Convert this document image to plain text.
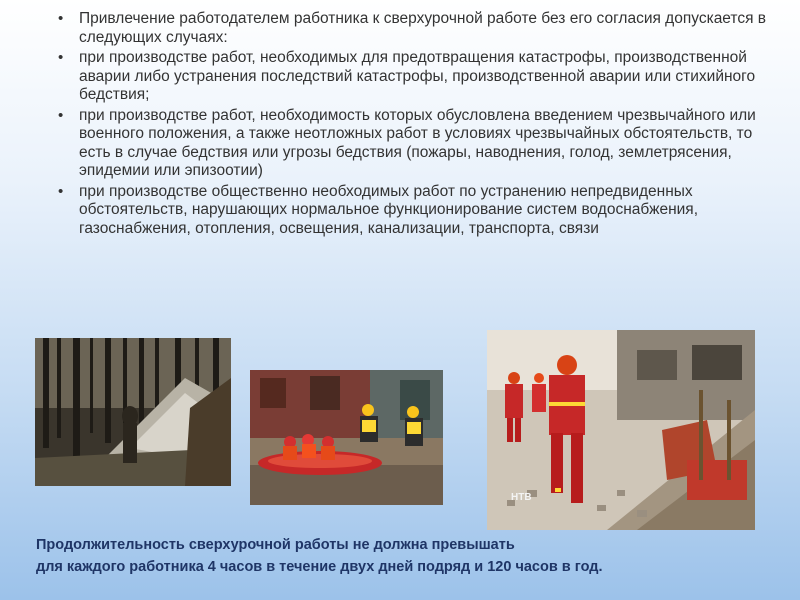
• Привлечение работодателем работника к сверхурочной работе без его согласия допускается в следующих случаях:
• при производстве работ, необходимых для предотвращения катастрофы, производственной аварии либо устранения последствий катастрофы, производственной аварии или стихийного бедствия;
• при производстве работ, необходимость которых обусловлена введением чрезвычайного или военного положения, а также неотложных работ в условиях чрезвычайных обстоятельств, то есть в случае бедствия или угрозы бедствия (пожары, наводнения, голод, землетрясения, эпидемии или эпизоотии)
• при производстве общественно необходимых работ по устранению непредвиденных обстоятельств, нарушающих нормальное функционирование систем водоснабжения, газоснабжения, отопления, освещения, канализации, транспорта, связи
НТВ
Продолжительность сверхурочной работы не должна превышать
для каждого работника 4 часов в течение двух дней подряд и 120 часов в год.
